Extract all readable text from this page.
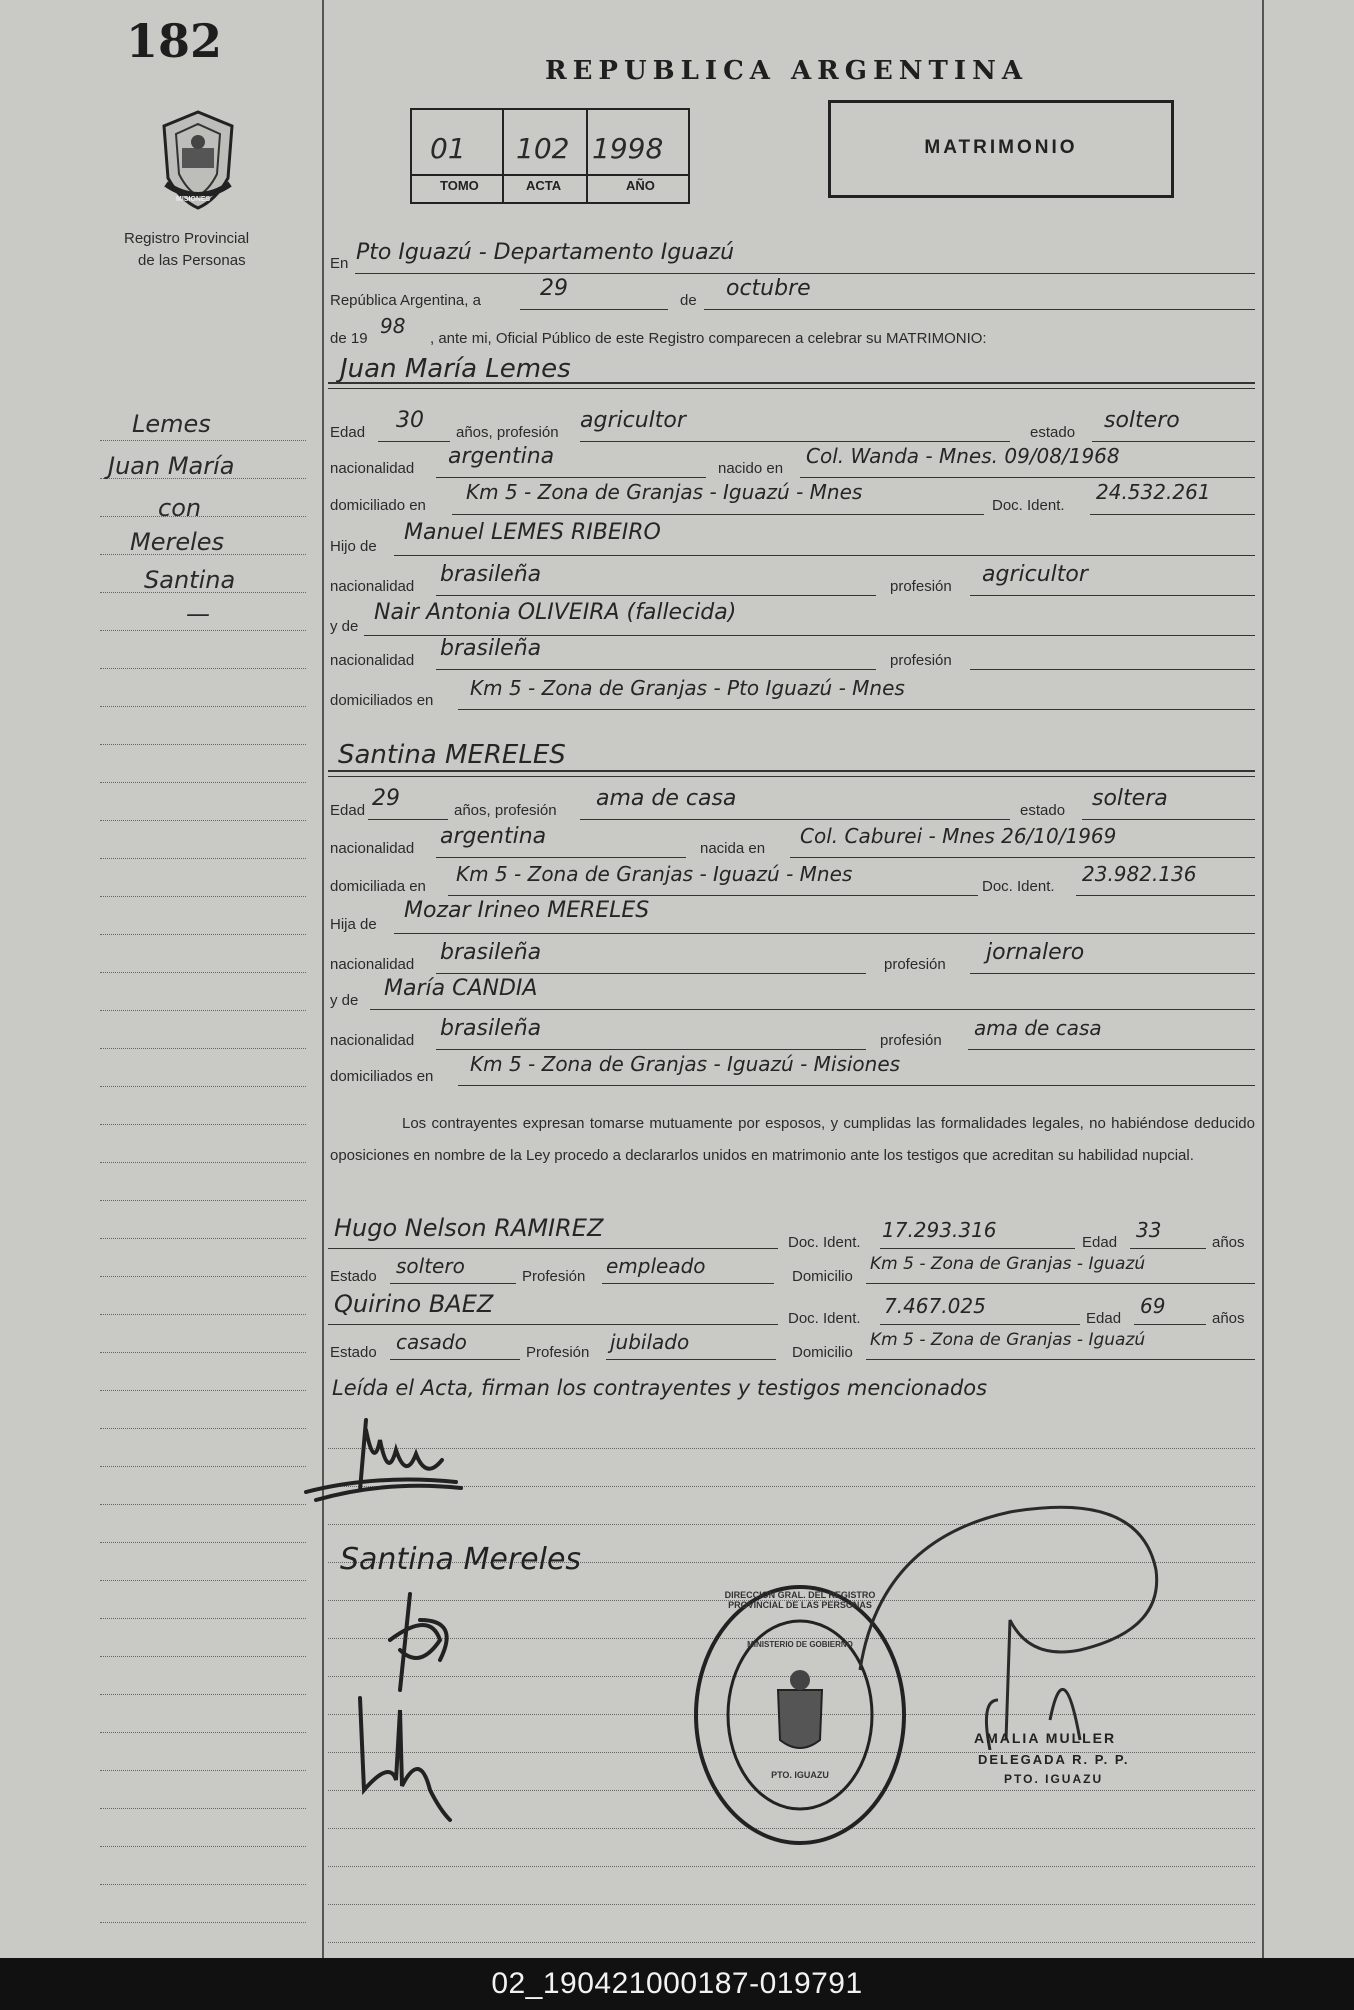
182
MISIONES
Registro Provincial
de las Personas
REPUBLICA ARGENTINA
01 102 1998
TOMO	ACTA	AÑO
MATRIMONIO
En Pto Iguazú - Departamento Iguazú
República Argentina, a	29	de octubre
de 19
98
, ante mi, Oficial Público de este Registro comparecen a celebrar su MATRIMONIO:
Juan María Lemes
Edad 30 años, profesión agricultor	estado soltero
nacionalidad argentina	nacido en
Col. Wanda - Mnes. 09/08/1968
domiciliado en
Km 5 - Zona de Granjas - Iguazú - Mnes
Doc. Ident.
24.532.261
Hijo de
Manuel LEMES RIBEIRO
nacionalidad brasileña	profesión agricultor
y de
Nair Antonia OLIVEIRA (fallecida)
nacionalidad brasileña	profesión
domiciliados en
Km 5 - Zona de Granjas - Pto Iguazú - Mnes
Santina MERELES
Edad 29	años, profesión ama de casa	estado soltera
nacionalidad argentina	nacida en
Col. Caburei - Mnes 26/10/1969
domiciliada en
Km 5 - Zona de Granjas - Iguazú - Mnes
Doc. Ident.
23.982.136
Hija de
Mozar Irineo MERELES
nacionalidad brasileña	profesión jornalero
y de María CANDIA
nacionalidad brasileña	profesión
ama de casa
domiciliados en
Km 5 - Zona de Granjas - Iguazú - Misiones
Los contrayentes expresan tomarse mutuamente por esposos, y cumplidas las formalidades legales, no habiéndose deducido oposiciones en nombre de la Ley procedo a declararlos unidos en matrimonio ante los testigos que acreditan su habilidad nupcial.
Hugo Nelson RAMIREZ
Doc. Ident.
17.293.316
Edad
33
años
Estado soltero	Profesión empleado	Domicilio
Km 5 - Zona de Granjas - Iguazú
Quirino BAEZ
Doc. Ident.
7.467.025
Edad
69
años
Estado casado	Profesión jubilado	Domicilio
Km 5 - Zona de Granjas - Iguazú
Leída el Acta, firman los contrayentes y testigos mencionados
Lemes
Juan María
con
Mereles
Santina
—
Santina Mereles
DIRECCION GRAL. DEL REGISTRO PROVINCIAL DE LAS PERSONAS
MINISTERIO DE GOBIERNO
PTO. IGUAZU
AMALIA MULLER
DELEGADA R. P. P.
PTO. IGUAZU
02_190421000187-019791
